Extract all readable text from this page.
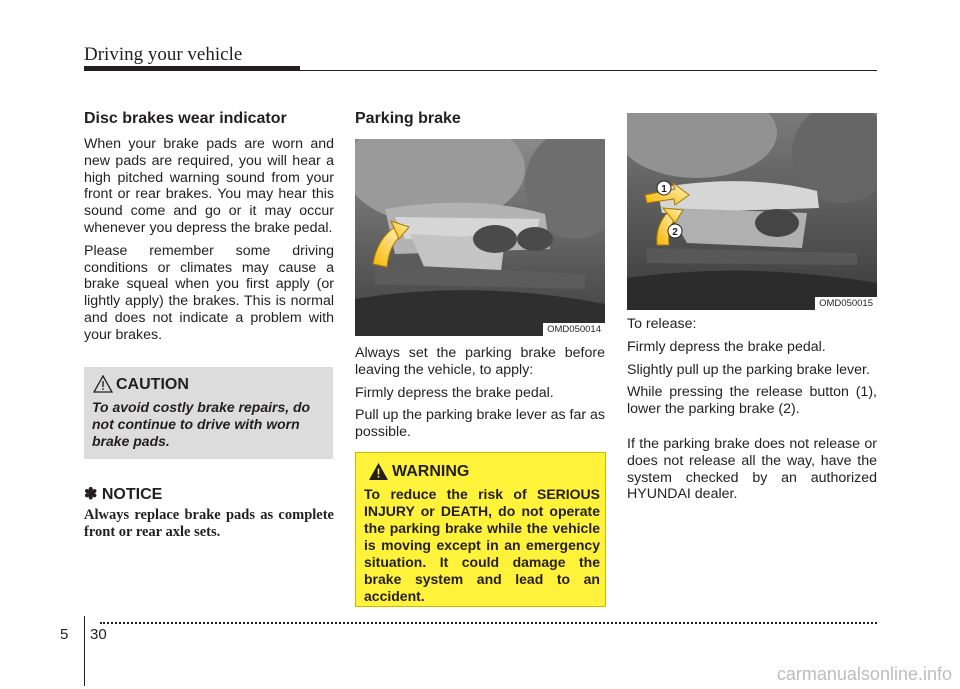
Driving your vehicle
Disc brakes wear indicator

When your brake pads are worn and new pads are required, you will hear a high pitched warning sound from your front or rear brakes. You may hear this sound come and go or it may occur whenever you depress the brake pedal.

Please remember some driving conditions or climates may cause a brake squeal when you first apply (or lightly apply) the brakes. This is normal and does not indicate a problem with your brakes.

CAUTION
To avoid costly brake repairs, do not continue to drive with worn brake pads.
✽ NOTICE
Always replace brake pads as complete front or rear axle sets.
Parking brake
OMD050014

Always set the parking brake before leaving the vehicle, to apply:

Firmly depress the brake pedal.

Pull up the parking brake lever as far as possible.

WARNING
To reduce the risk of SERIOUS INJURY or DEATH, do not operate the parking brake while the vehicle is moving except in an emergency situation. It could damage the brake system and lead to an accident.
1
2
OMD050015

To release:

Firmly depress the brake pedal.

Slightly pull up the parking brake lever.

While pressing the release button (1), lower the parking brake (2).

If the parking brake does not release or does not release all the way, have the system checked by an authorized HYUNDAI dealer.

5 30
carmanualsonline.info
